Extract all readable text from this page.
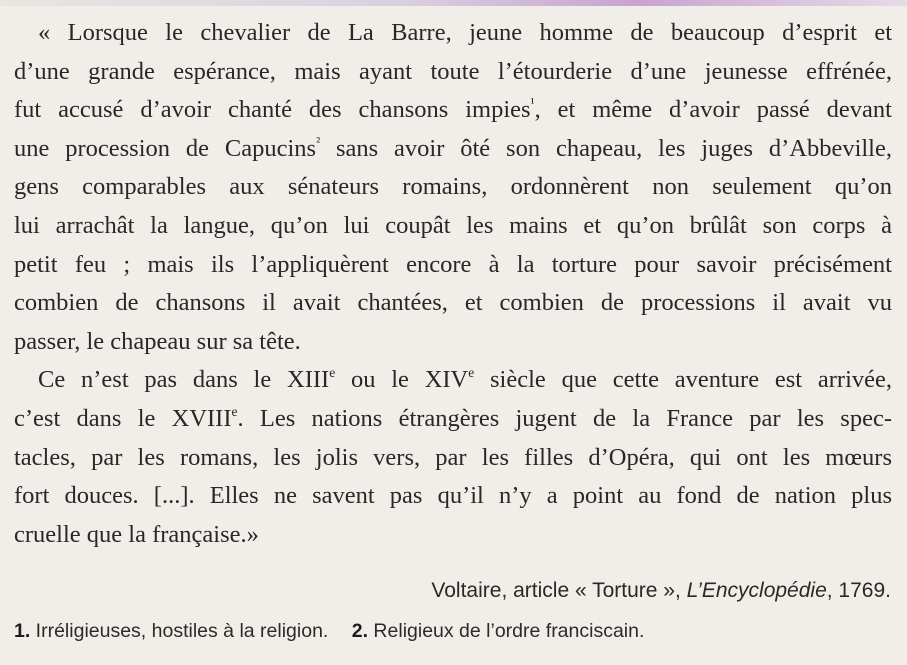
« Lorsque le chevalier de La Barre, jeune homme de beaucoup d’esprit et
d’une grande espérance, mais ayant toute l’étourderie d’une jeunesse effrénée,
fut accusé d’avoir chanté des chansons impies$^{^1}$, et même d’avoir passé devant
une procession de Capucins$^{^2}$ sans avoir ôté son chapeau, les juges d’Abbeville,
gens comparables aux sénateurs romains, ordonnèrent non seulement qu’on
lui arrachât la langue, qu’on lui coupât les mains et qu’on brûlât son corps à
petit feu ; mais ils l’appliquèrent encore à la torture pour savoir précisément
combien de chansons il avait chantées, et combien de processions il avait vu
passer, le chapeau sur sa tête.

Ce n’est pas dans le XIIIe ou le XIVe siècle que cette aventure est arrivée,
c’est dans le XVIIIe. Les nations étrangères jugent de la France par les spec-
tacles, par les romans, les jolis vers, par les filles d’Opéra, qui ont les mœurs
fort douces. [...]. Elles ne savent pas qu’il n’y a point au fond de nation plus
cruelle que la française.»

Voltaire, article « Torture », L’Encyclopédie, 1769.
1. Irréligieuses, hostiles à la religion. 2. Religieux de l’ordre franciscain.
